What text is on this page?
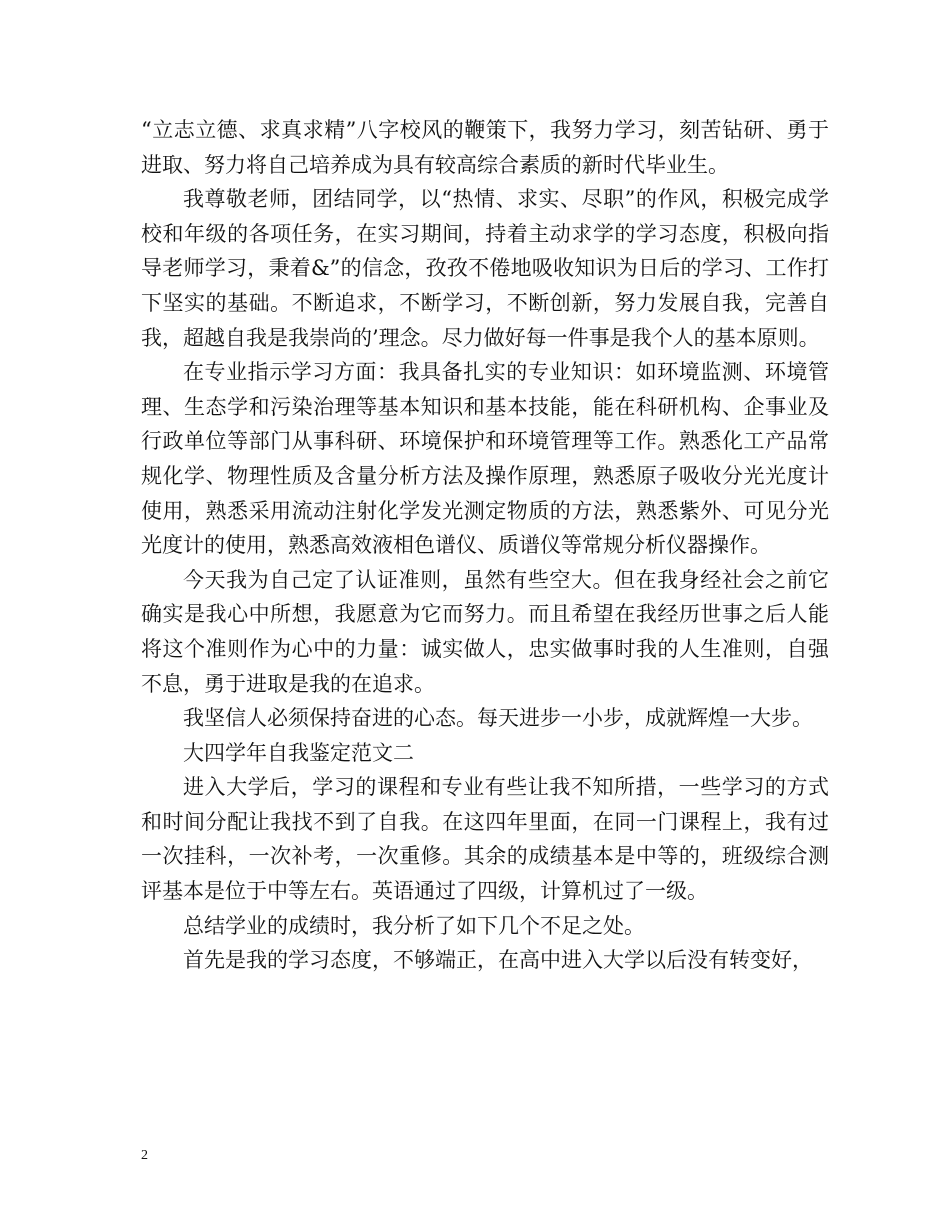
“立志立德、求真求精”八字校风的鞭策下，我努力学习，刻苦钻研、勇于进取、努力将自己培养成为具有较高综合素质的新时代毕业生。

我尊敬老师，团结同学，以“热情、求实、尽职”的作风，积极完成学校和年级的各项任务，在实习期间，持着主动求学的学习态度，积极向指导老师学习，秉着&”的信念，孜孜不倦地吸收知识为日后的学习、工作打下坚实的基础。不断追求，不断学习，不断创新，努力发展自我，完善自我，超越自我是我崇尚的’理念。尽力做好每一件事是我个人的基本原则。

在专业指示学习方面：我具备扎实的专业知识：如环境监测、环境管理、生态学和污染治理等基本知识和基本技能，能在科研机构、企事业及行政单位等部门从事科研、环境保护和环境管理等工作。熟悉化工产品常规化学、物理性质及含量分析方法及操作原理，熟悉原子吸收分光光度计使用，熟悉采用流动注射化学发光测定物质的方法，熟悉紫外、可见分光光度计的使用，熟悉高效液相色谱仪、质谱仪等常规分析仪器操作。

今天我为自己定了认证准则，虽然有些空大。但在我身经社会之前它确实是我心中所想，我愿意为它而努力。而且希望在我经历世事之后人能将这个准则作为心中的力量：诚实做人，忠实做事时我的人生准则，自强不息，勇于进取是我的在追求。

我坚信人必须保持奋进的心态。每天进步一小步，成就辉煌一大步。

大四学年自我鉴定范文二

进入大学后，学习的课程和专业有些让我不知所措，一些学习的方式和时间分配让我找不到了自我。在这四年里面，在同一门课程上，我有过一次挂科，一次补考，一次重修。其余的成绩基本是中等的，班级综合测评基本是位于中等左右。英语通过了四级，计算机过了一级。

总结学业的成绩时，我分析了如下几个不足之处。

首先是我的学习态度，不够端正，在高中进入大学以后没有转变好，

2
